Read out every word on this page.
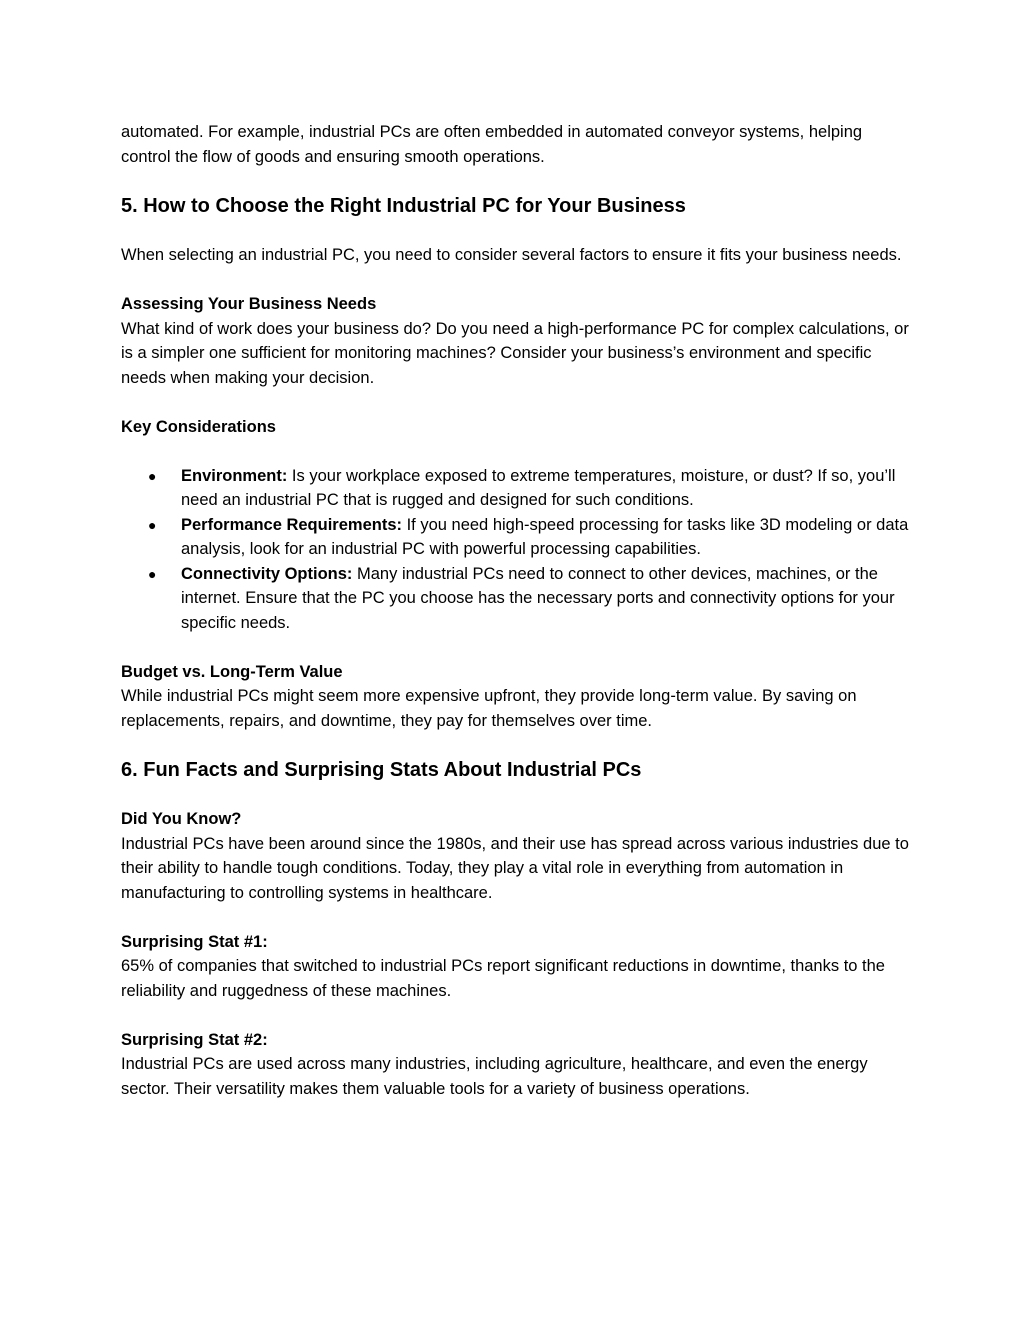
automated. For example, industrial PCs are often embedded in automated conveyor systems, helping control the flow of goods and ensuring smooth operations.

5. How to Choose the Right Industrial PC for Your Business

When selecting an industrial PC, you need to consider several factors to ensure it fits your business needs.

Assessing Your Business Needs

What kind of work does your business do? Do you need a high-performance PC for complex calculations, or is a simpler one sufficient for monitoring machines? Consider your business’s environment and specific needs when making your decision.

Key Considerations

● Environment: Is your workplace exposed to extreme temperatures, moisture, or dust? If so, you’ll need an industrial PC that is rugged and designed for such conditions.
● Performance Requirements: If you need high-speed processing for tasks like 3D modeling or data analysis, look for an industrial PC with powerful processing capabilities.
● Connectivity Options: Many industrial PCs need to connect to other devices, machines, or the internet. Ensure that the PC you choose has the necessary ports and connectivity options for your specific needs.

Budget vs. Long-Term Value

While industrial PCs might seem more expensive upfront, they provide long-term value. By saving on replacements, repairs, and downtime, they pay for themselves over time.

6. Fun Facts and Surprising Stats About Industrial PCs

Did You Know?

Industrial PCs have been around since the 1980s, and their use has spread across various industries due to their ability to handle tough conditions. Today, they play a vital role in everything from automation in manufacturing to controlling systems in healthcare.

Surprising Stat #1:

65% of companies that switched to industrial PCs report significant reductions in downtime, thanks to the reliability and ruggedness of these machines.

Surprising Stat #2:

Industrial PCs are used across many industries, including agriculture, healthcare, and even the energy sector. Their versatility makes them valuable tools for a variety of business operations.
